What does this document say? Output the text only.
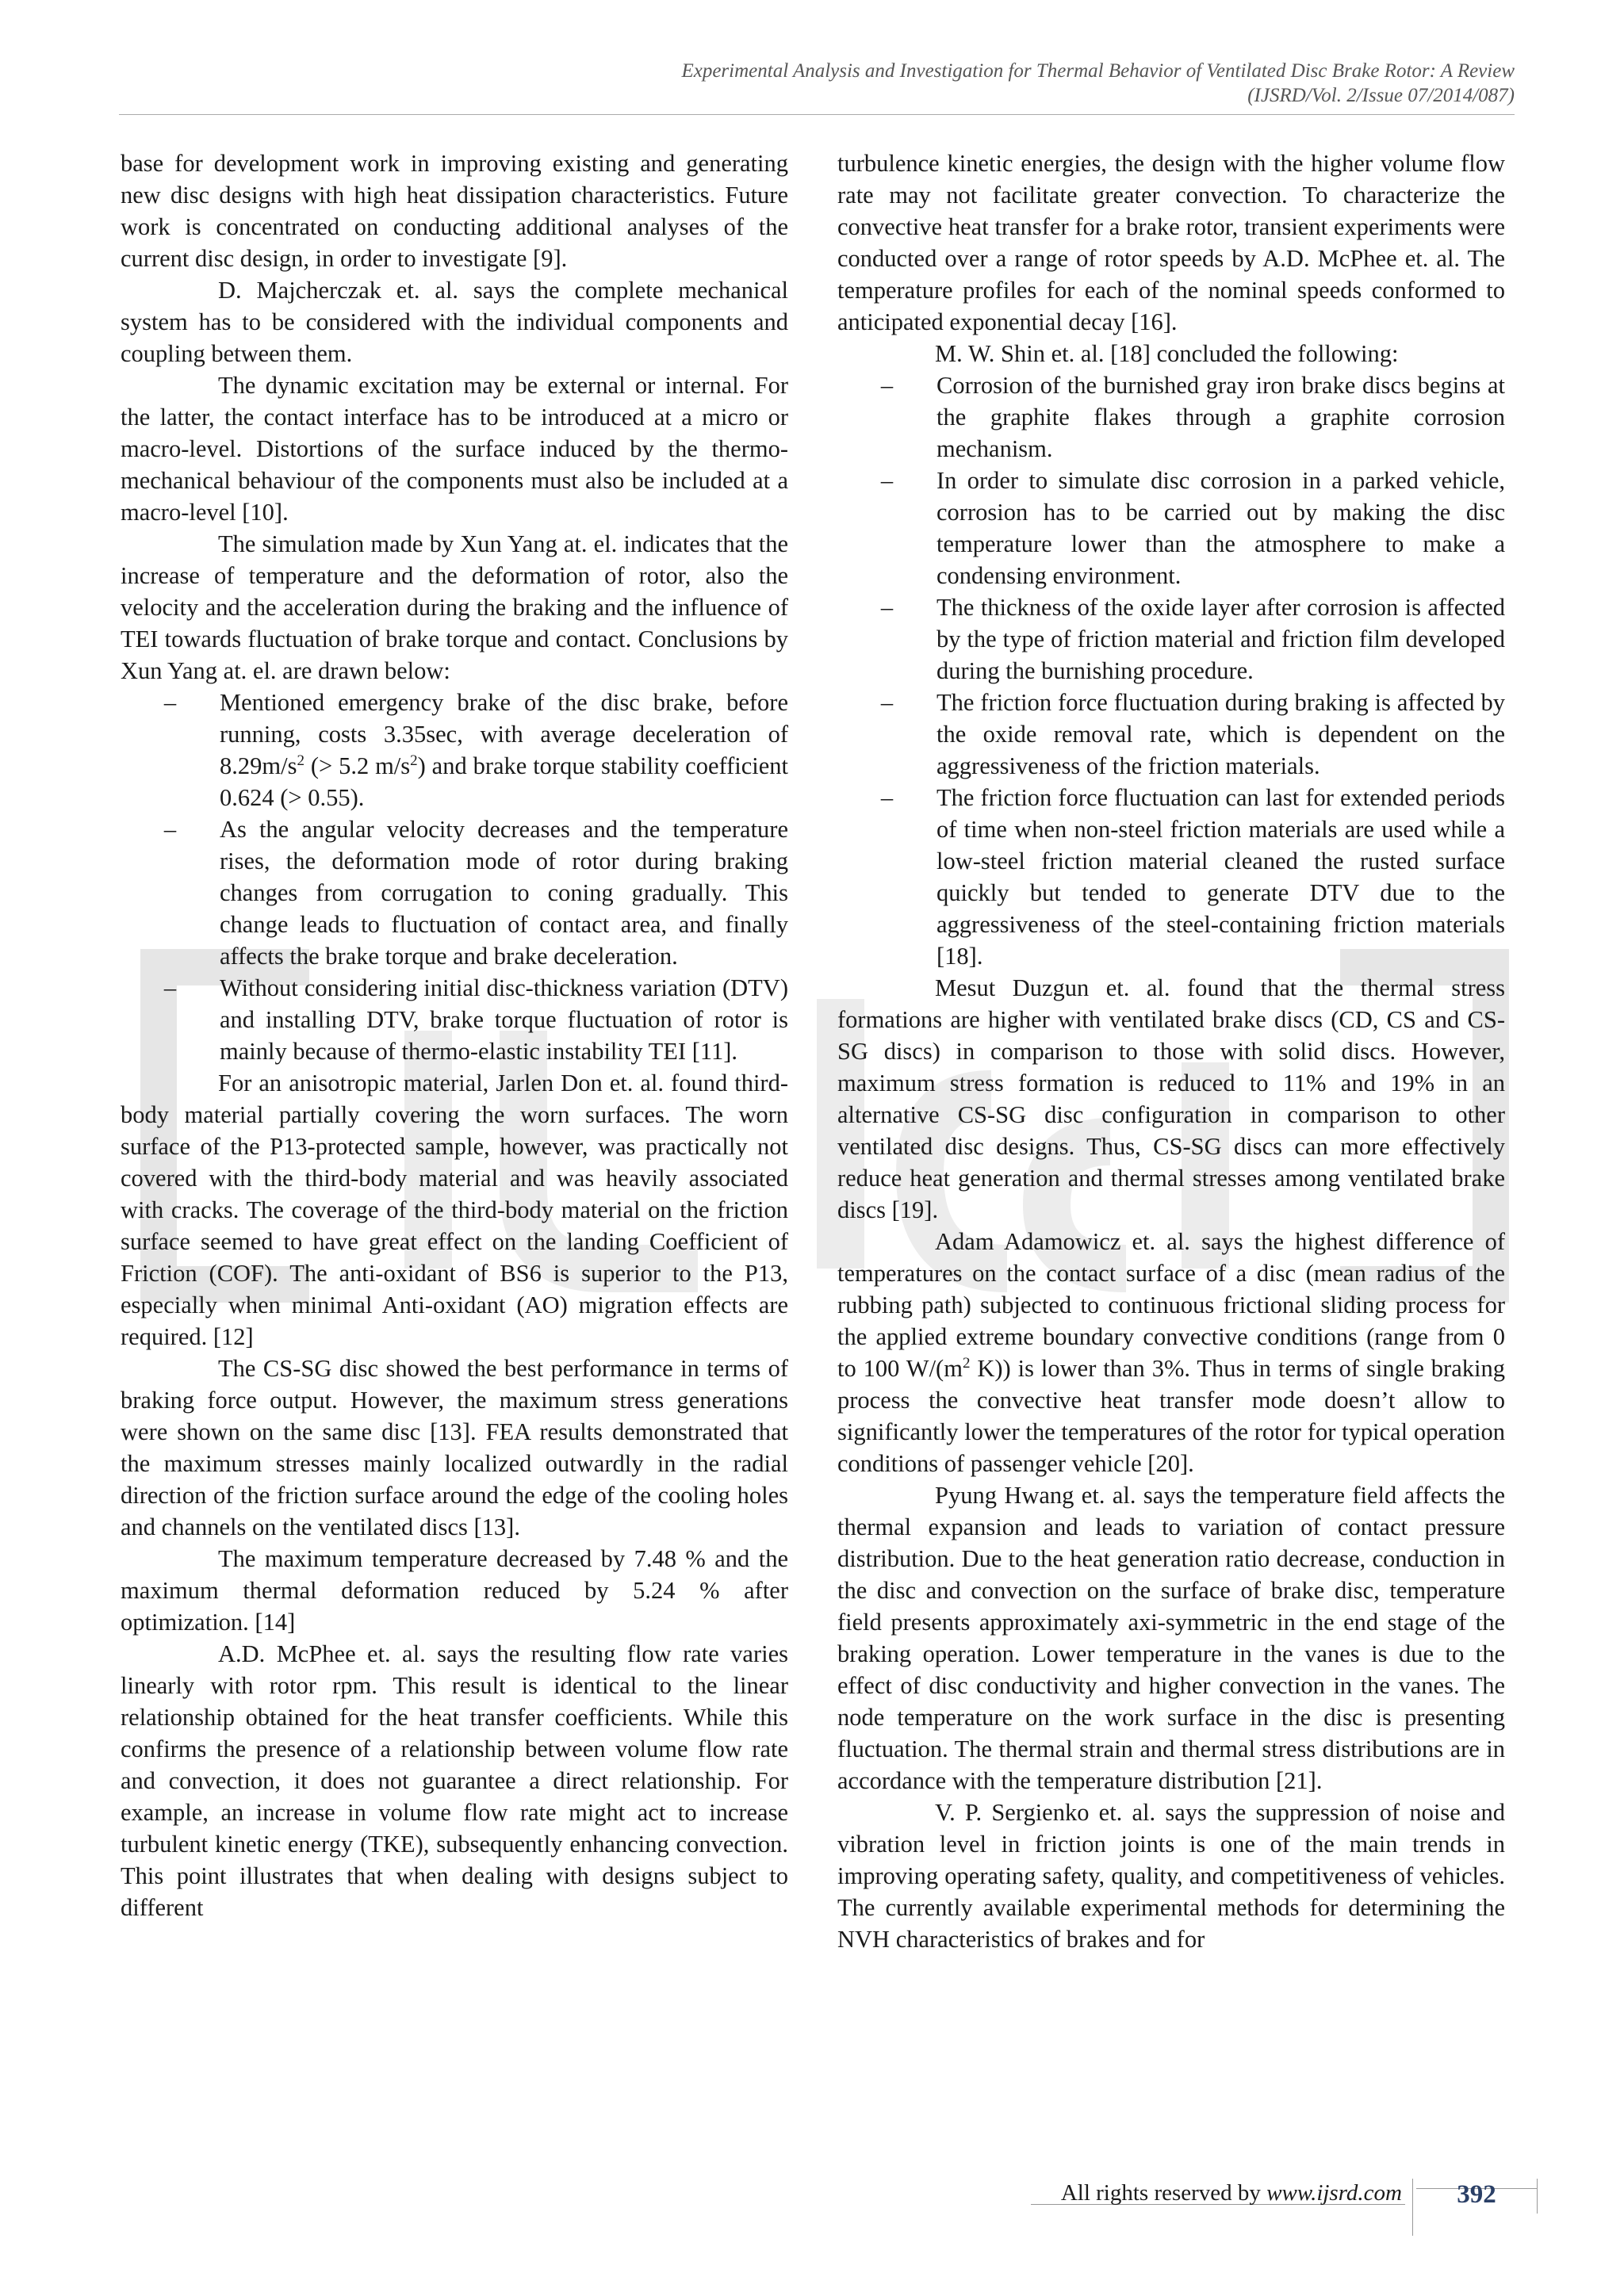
Experimental Analysis and Investigation for Thermal Behavior of Ventilated Disc Brake Rotor: A Review
(IJSRD/Vol. 2/Issue 07/2014/087)

base for development work in improving existing and generating new disc designs with high heat dissipation characteristics. Future work is concentrated on conducting additional analyses of the current disc design, in order to investigate [9].

D. Majcherczak et. al. says the complete mechanical system has to be considered with the individual components and coupling between them.

The dynamic excitation may be external or internal. For the latter, the contact interface has to be introduced at a micro or macro-level. Distortions of the surface induced by the thermo-mechanical behaviour of the components must also be included at a macro-level [10].

The simulation made by Xun Yang at. el. indicates that the increase of temperature and the deformation of rotor, also the velocity and the acceleration during the braking and the influence of TEI towards fluctuation of brake torque and contact. Conclusions by Xun Yang at. el. are drawn below:

– Mentioned emergency brake of the disc brake, before running, costs 3.35sec, with average deceleration of $8.29m/s^2$ (> 5.2 $m/s^2$) and brake torque stability coefficient 0.624 (> 0.55).
– As the angular velocity decreases and the temperature rises, the deformation mode of rotor during braking changes from corrugation to coning gradually. This change leads to fluctuation of contact area, and finally affects the brake torque and brake deceleration.
– Without considering initial disc-thickness variation (DTV) and installing DTV, brake torque fluctuation of rotor is mainly because of thermo-elastic instability TEI [11].

For an anisotropic material, Jarlen Don et. al. found third-body material partially covering the worn surfaces. The worn surface of the P13-protected sample, however, was practically not covered with the third-body material and was heavily associated with cracks. The coverage of the third-body material on the friction surface seemed to have great effect on the landing Coefficient of Friction (COF). The anti-oxidant of BS6 is superior to the P13, especially when minimal Anti-oxidant (AO) migration effects are required. [12]

The CS-SG disc showed the best performance in terms of braking force output. However, the maximum stress generations were shown on the same disc [13]. FEA results demonstrated that the maximum stresses mainly localized outwardly in the radial direction of the friction surface around the edge of the cooling holes and channels on the ventilated discs [13].

The maximum temperature decreased by 7.48 % and the maximum thermal deformation reduced by 5.24 % after optimization. [14]

A.D. McPhee et. al. says the resulting flow rate varies linearly with rotor rpm. This result is identical to the linear relationship obtained for the heat transfer coefficients. While this confirms the presence of a relationship between volume flow rate and convection, it does not guarantee a direct relationship. For example, an increase in volume flow rate might act to increase turbulent kinetic energy (TKE), subsequently enhancing convection. This point illustrates that when dealing with designs subject to different

turbulence kinetic energies, the design with the higher volume flow rate may not facilitate greater convection. To characterize the convective heat transfer for a brake rotor, transient experiments were conducted over a range of rotor speeds by A.D. McPhee et. al. The temperature profiles for each of the nominal speeds conformed to anticipated exponential decay [16].

M. W. Shin et. al. [18] concluded the following:

– Corrosion of the burnished gray iron brake discs begins at the graphite flakes through a graphite corrosion mechanism.
– In order to simulate disc corrosion in a parked vehicle, corrosion has to be carried out by making the disc temperature lower than the atmosphere to make a condensing environment.
– The thickness of the oxide layer after corrosion is affected by the type of friction material and friction film developed during the burnishing procedure.
– The friction force fluctuation during braking is affected by the oxide removal rate, which is dependent on the aggressiveness of the friction materials.
– The friction force fluctuation can last for extended periods of time when non-steel friction materials are used while a low-steel friction material cleaned the rusted surface quickly but tended to generate DTV due to the aggressiveness of the steel-containing friction materials [18].

Mesut Duzgun et. al. found that the thermal stress formations are higher with ventilated brake discs (CD, CS and CS-SG discs) in comparison to those with solid discs. However, maximum stress formation is reduced to 11% and 19% in an alternative CS-SG disc configuration in comparison to other ventilated disc designs. Thus, CS-SG discs can more effectively reduce heat generation and thermal stresses among ventilated brake discs [19].

Adam Adamowicz et. al. says the highest difference of temperatures on the contact surface of a disc (mean radius of the rubbing path) subjected to continuous frictional sliding process for the applied extreme boundary convective conditions (range from 0 to 100 $W/(m^2$ K)) is lower than 3%. Thus in terms of single braking process the convective heat transfer mode doesn’t allow to significantly lower the temperatures of the rotor for typical operation conditions of passenger vehicle [20].

Pyung Hwang et. al. says the temperature field affects the thermal expansion and leads to variation of contact pressure distribution. Due to the heat generation ratio decrease, conduction in the disc and convection on the surface of brake disc, temperature field presents approximately axi-symmetric in the end stage of the braking operation. Lower temperature in the vanes is due to the effect of disc conductivity and higher convection in the vanes. The node temperature on the work surface in the disc is presenting fluctuation. The thermal strain and thermal stress distributions are in accordance with the temperature distribution [21].

V. P. Sergienko et. al. says the suppression of noise and vibration level in friction joints is one of the main trends in improving operating safety, quality, and competitiveness of vehicles. The currently available experimental methods for determining the NVH characteristics of brakes and for

All rights reserved by www.ijsrd.com	392
